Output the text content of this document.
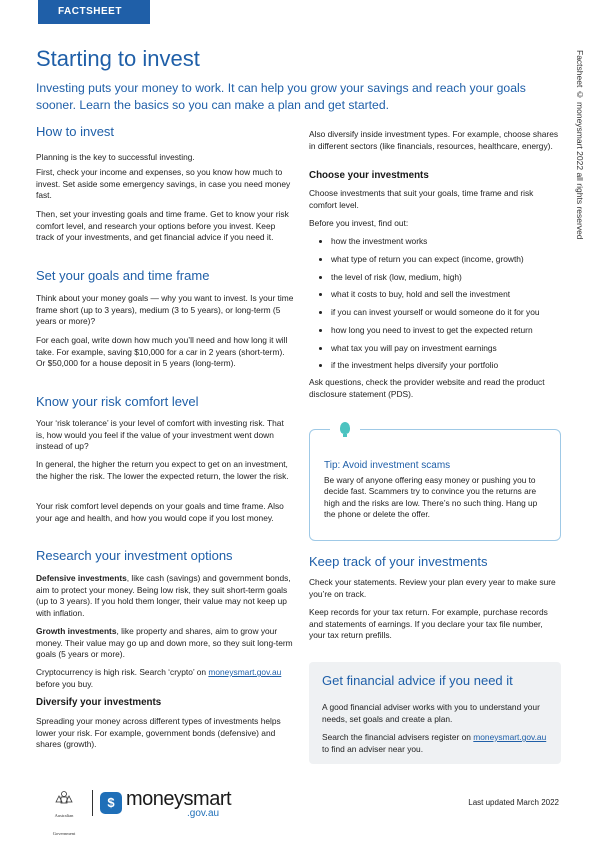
FACTSHEET
Factsheet © moneysmart 2022 all rights reserved
Starting to invest

Investing puts your money to work. It can help you grow your savings and reach your goals sooner. Learn the basics so you can make a plan and get started.

How to invest

Planning is the key to successful investing.

First, check your income and expenses, so you know how much to invest. Set aside some emergency savings, in case you need money fast.

Then, set your investing goals and time frame. Get to know your risk comfort level, and research your options before you invest. Keep track of your investments, and get financial advice if you need it.

Set your goals and time frame

Think about your money goals — why you want to invest. Is your time frame short (up to 3 years), medium (3 to 5 years), or long-term (5 years or more)?

For each goal, write down how much you’ll need and how long it will take. For example, saving $10,000 for a car in 2 years (short-term). Or $50,000 for a house deposit in 5 years (long-term).

Know your risk comfort level

Your ‘risk tolerance’ is your level of comfort with investing risk. That is, how would you feel if the value of your investment went down instead of up?

In general, the higher the return you expect to get on an investment, the higher the risk. The lower the expected return, the lower the risk.

Your risk comfort level depends on your goals and time frame. Also your age and health, and how you would cope if you lost money.

Research your investment options

Defensive investments, like cash (savings) and government bonds, aim to protect your money. Being low risk, they suit short-term goals (up to 3 years). If you hold them longer, their value may not keep up with inflation.

Growth investments, like property and shares, aim to grow your money. Their value may go up and down more, so they suit long-term goals (5 years or more).

Cryptocurrency is high risk. Search ‘crypto’ on moneysmart.gov.au before you buy.

Diversify your investments

Spreading your money across different types of investments helps lower your risk. For example, government bonds (defensive) and shares (growth).

Also diversify inside investment types. For example, choose shares in different sectors (like financials, resources, healthcare, energy).

Choose your investments

Choose investments that suit your goals, time frame and risk comfort level.

Before you invest, find out:

• how the investment works
• what type of return you can expect (income, growth)
• the level of risk (low, medium, high)
• what it costs to buy, hold and sell the investment
• if you can invest yourself or would someone do it for you
• how long you need to invest to get the expected return
• what tax you will pay on investment earnings
• if the investment helps diversify your portfolio

Ask questions, check the provider website and read the product disclosure statement (PDS).

Tip: Avoid investment scams

Be wary of anyone offering easy money or pushing you to decide fast. Scammers try to convince you the returns are high and the risks are low. There’s no such thing. Hang up the phone or delete the offer.

Keep track of your investments

Check your statements. Review your plan every year to make sure you’re on track.

Keep records for your tax return. For example, purchase records and statements of earnings. If you declare your tax file number, your tax return prefills.

Get financial advice if you need it

A good financial adviser works with you to understand your needs, set goals and create a plan.

Search the financial advisers register on moneysmart.gov.au to find an adviser near you.

Australian Government
$ moneysmart
.gov.au
Last updated March 2022
